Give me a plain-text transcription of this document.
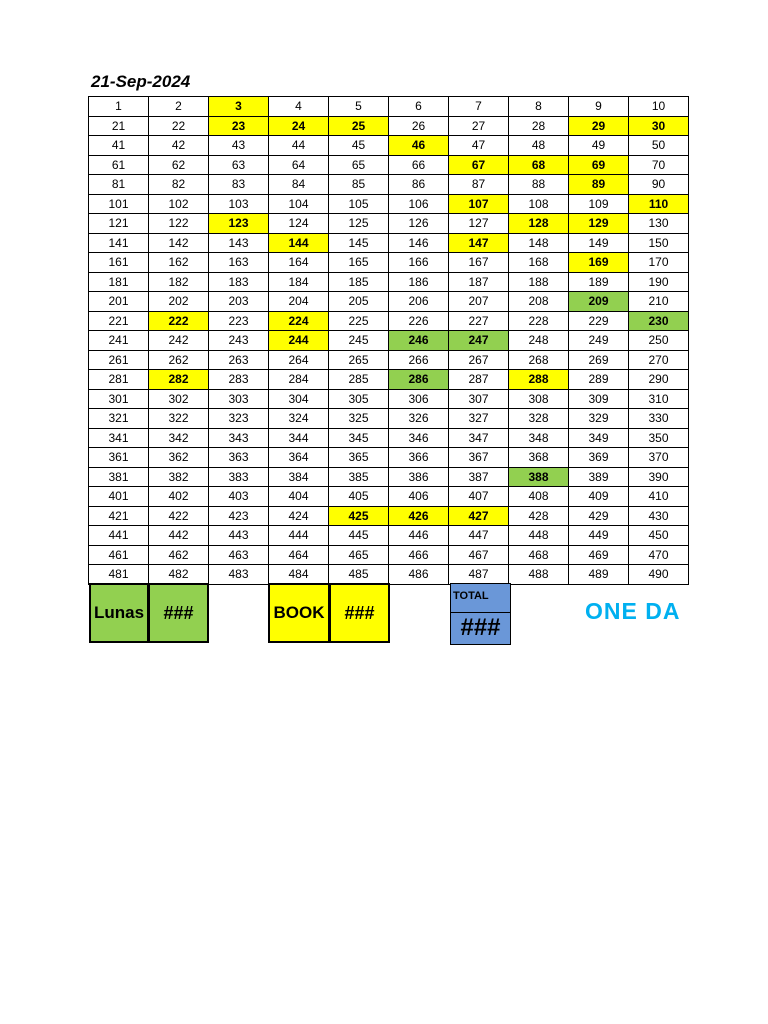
21-Sep-2024
1	2	3	4	5	6	7	8	9	10
21	22	23	24	25	26	27	28	29	30
41	42	43	44	45	46	47	48	49	50
61	62	63	64	65	66	67	68	69	70
81	82	83	84	85	86	87	88	89	90
101	102	103	104	105	106	107	108	109	110
121	122	123	124	125	126	127	128	129	130
141	142	143	144	145	146	147	148	149	150
161	162	163	164	165	166	167	168	169	170
181	182	183	184	185	186	187	188	189	190
201	202	203	204	205	206	207	208	209	210
221	222	223	224	225	226	227	228	229	230
241	242	243	244	245	246	247	248	249	250
261	262	263	264	265	266	267	268	269	270
281	282	283	284	285	286	287	288	289	290
301	302	303	304	305	306	307	308	309	310
321	322	323	324	325	326	327	328	329	330
341	342	343	344	345	346	347	348	349	350
361	362	363	364	365	366	367	368	369	370
381	382	383	384	385	386	387	388	389	390
401	402	403	404	405	406	407	408	409	410
421	422	423	424	425	426	427	428	429	430
441	442	443	444	445	446	447	448	449	450
461	462	463	464	465	466	467	468	469	470
481	482	483	484	485	486	487	488	489	490
Lunas	###	BOOK	###
TOTAL
###
ONE DA
